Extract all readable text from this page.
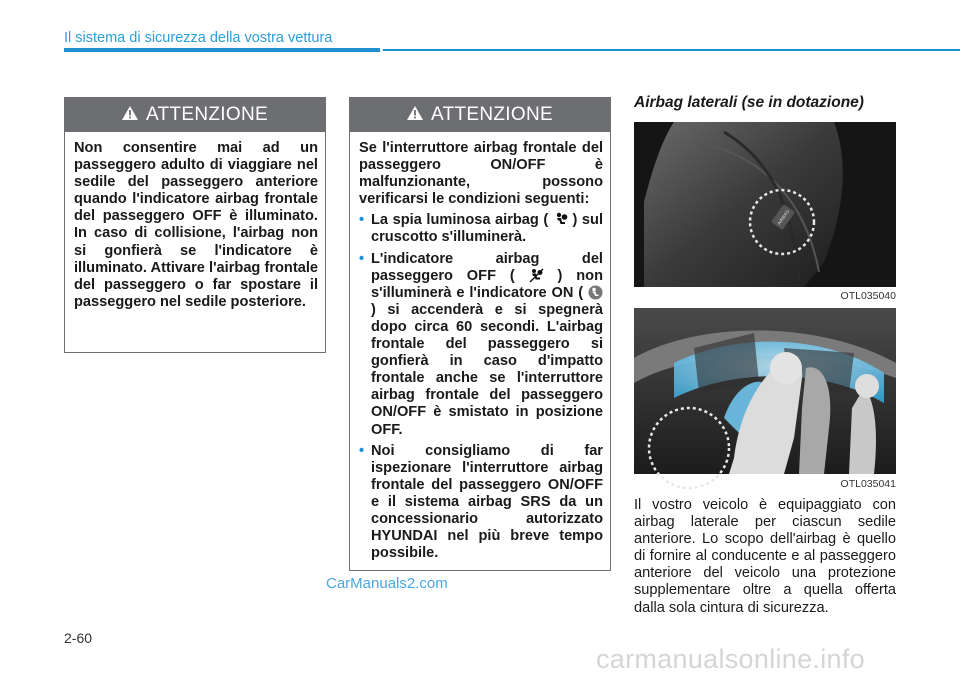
Il sistema di sicurezza della vostra vettura
ATTENZIONE

Non consentire mai ad un passeggero adulto di viaggiare nel sedile del passeggero anteriore quando l'indicatore airbag frontale del passeggero OFF è illuminato. In caso di collisione, l'airbag non si gonfierà se l'indicatore è illuminato. Attivare l'airbag frontale del passeggero o far spostare il passeggero nel sedile posteriore.

ATTENZIONE

Se l'interruttore airbag frontale del passeggero ON/OFF è malfunzionante, possono verificarsi le condizioni seguenti:

• La spia luminosa airbag ( ) sul cruscotto s'illuminerà.
• L'indicatore airbag del passeggero OFF (	) non s'illuminerà e l'indicatore ON (  ) si accenderà e si spegnerà dopo circa 60 secondi. L'airbag frontale del passeggero si gonfierà in caso d'impatto frontale anche se l'interruttore airbag frontale del passeggero ON/OFF è smistato in posizione OFF.
• Noi consigliamo di far ispezionare l'interruttore airbag frontale del passeggero ON/OFF e il sistema airbag SRS da un concessionario autorizzato HYUNDAI nel più breve tempo possibile.
Airbag laterali (se in dotazione)
AIRBAG
OTL035040
OTL035041
Il vostro veicolo è equipaggiato con airbag laterale per ciascun sedile anteriore. Lo scopo dell'airbag è quello di fornire al conducente e al passeggero anteriore del veicolo una protezione supplementare oltre a quella offerta dalla sola cintura di sicurezza.
2-60
CarManuals2.com
carmanualsonline.info
